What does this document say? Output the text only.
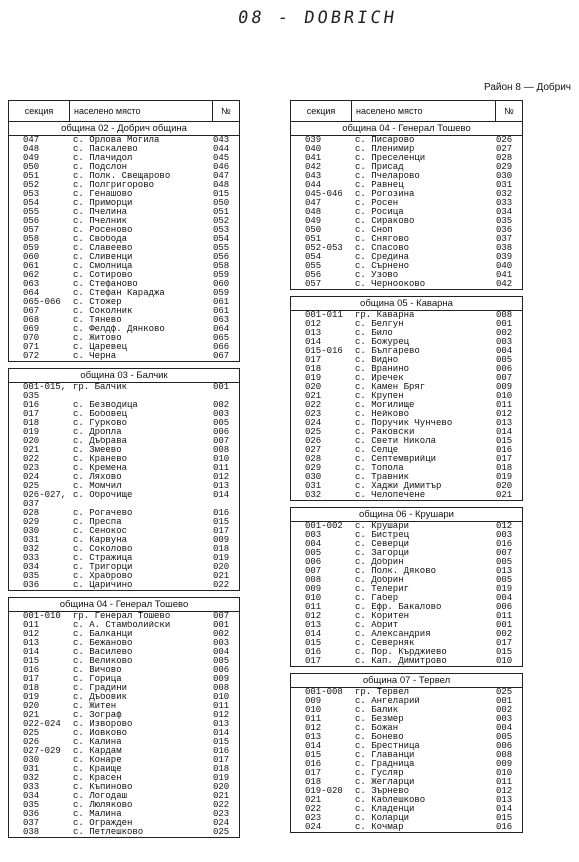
08 - DOBRICH
Район 8 — Добрич
секция	населено място	№
община 02 - Добрич община
047	с. Орлова Могила	043
048	с. Паскалево	044
049	с. Плачидол	045
050	с. Подслон	046
051	с. Полк. Свещарово	047
052	с. Полгригорово	048
053	с. Генашово	015
054	с. Приморци	050
055	с. Пчелина	051
056	с. Пчелник	052
057	с. Росеново	053
058	с. Свобода	054
059	с. Славеево	055
060	с. Сливенци	056
061	с. Смолница	058
062	с. Сотирово	059
063	с. Стефаново	060
064	с. Стефан Караджа	059
065-066	с. Стожер	061
067	с. Соколник	061
068	с. Тянево	063
069	с. Фелдф. Дянково	064
070	с. Житово	065
071	с. Царевец	066
072	с. Черна	067
община 03 - Балчик
001-015, гр. Балчик	001
035
016	с. Безводица	002
017	с. Бобовец	003
018	с. Гурково	005
019	с. Дропла	006
020	с. Дъбрава	007
021	с. Змеево	008
022	с. Кранево	010
023	с. Кремена	011
024	с. Ляхово	012
025	с. Момчил	013
026-027, с. Оброчище	014
037
028	с. Рогачево	016
029	с. Преспа	015
030	с. Сенокос	017
031	с. Карвуна	009
032	с. Соколово	018
033	с. Стражица	019
034	с. Тригорци	020
035	с. Храброво	021
036	с. Царичино	022
община 04 - Генерал Тошево
001-010	гр. Генерал Тошево	007
011	с. А. Стамболийски	001
012	с. Балканци	002
013	с. Бежаново	003
014	с. Василево	004
015	с. Великово	005
016	с. Вичово	006
017	с. Горица	009
018	с. Градини	008
019	с. Дъбовик	010
020	с. Житен	011
021	с. Зограф	012
022-024	с. Изворово	013
025	с. Йовково	014
026	с. Калина	015
027-029	с. Кардам	016
030	с. Конаре	017
031	с. Краище	018
032	с. Красен	019
033	с. Къпиново	020
034	с. Логодаш	021
035	с. Люляково	022
036	с. Малина	023
037	с. Огражден	024
038	с. Петлешково	025
секция	населено място	№
община 04 - Генерал Тошево
039	с. Писарово	026
040	с. Пленимир	027
041	с. Преселенци	028
042	с. Присад	029
043	с. Пчеларово	030
044	с. Равнец	031
045-046	с. Рогозина	032
047	с. Росен	033
048	с. Росица	034
049	с. Сираково	035
050	с. Сноп	036
051	с. Снягово	037
052-053	с. Спасово	038
054	с. Средина	039
055	с. Сърнено	040
056	с. Узово	041
057	с. Чернооково	042
община 05 - Каварна
001-011	гр. Каварна	008
012	с. Белгун	001
013	с. Било	002
014	с. Божурец	003
015-016	с. Българево	004
017	с. Видно	005
018	с. Вранино	006
019	с. Иречек	007
020	с. Камен Бряг	009
021	с. Крупен	010
022	с. Могилище	011
023	с. Нейково	012
024	с. Поручик Чунчево	013
025	с. Раковски	014
026	с. Свети Никола	015
027	с. Селце	016
028	с. Септемврийци	017
029	с. Топола	018
030	с. Травник	019
031	с. Хаджи Димитър	020
032	с. Челопечене	021
община 06 - Крушари
001-002	с. Крушари	012
003	с. Бистрец	003
004	с. Северци	016
005	с. Загорци	007
006	с. Добрин	005
007	с. Полк. Дяково	013
008	с. Добрин	005
009	с. Телериг	019
010	с. Габер	004
011	с. Ефр. Бакалово	006
012	с. Коритен	011
013	с. Абрит	001
014	с. Александрия	002
015	с. Северняк	017
016	с. Пор. Кърджиево	015
017	с. Кап. Димитрово	010
община 07 - Тервел
001-008	гр. Тервел	025
009	с. Ангеларий	001
010	с. Балик	002
011	с. Безмер	003
012	с. Божан	004
013	с. Бонево	005
014	с. Брестница	006
015	с. Главанци	008
016	с. Градница	009
017	с. Гусляр	010
018	с. Жегларци	011
019-020	с. Зърнево	012
021	с. Каблешково	013
022	с. Кладенци	014
023	с. Коларци	015
024	с. Кочмар	016
